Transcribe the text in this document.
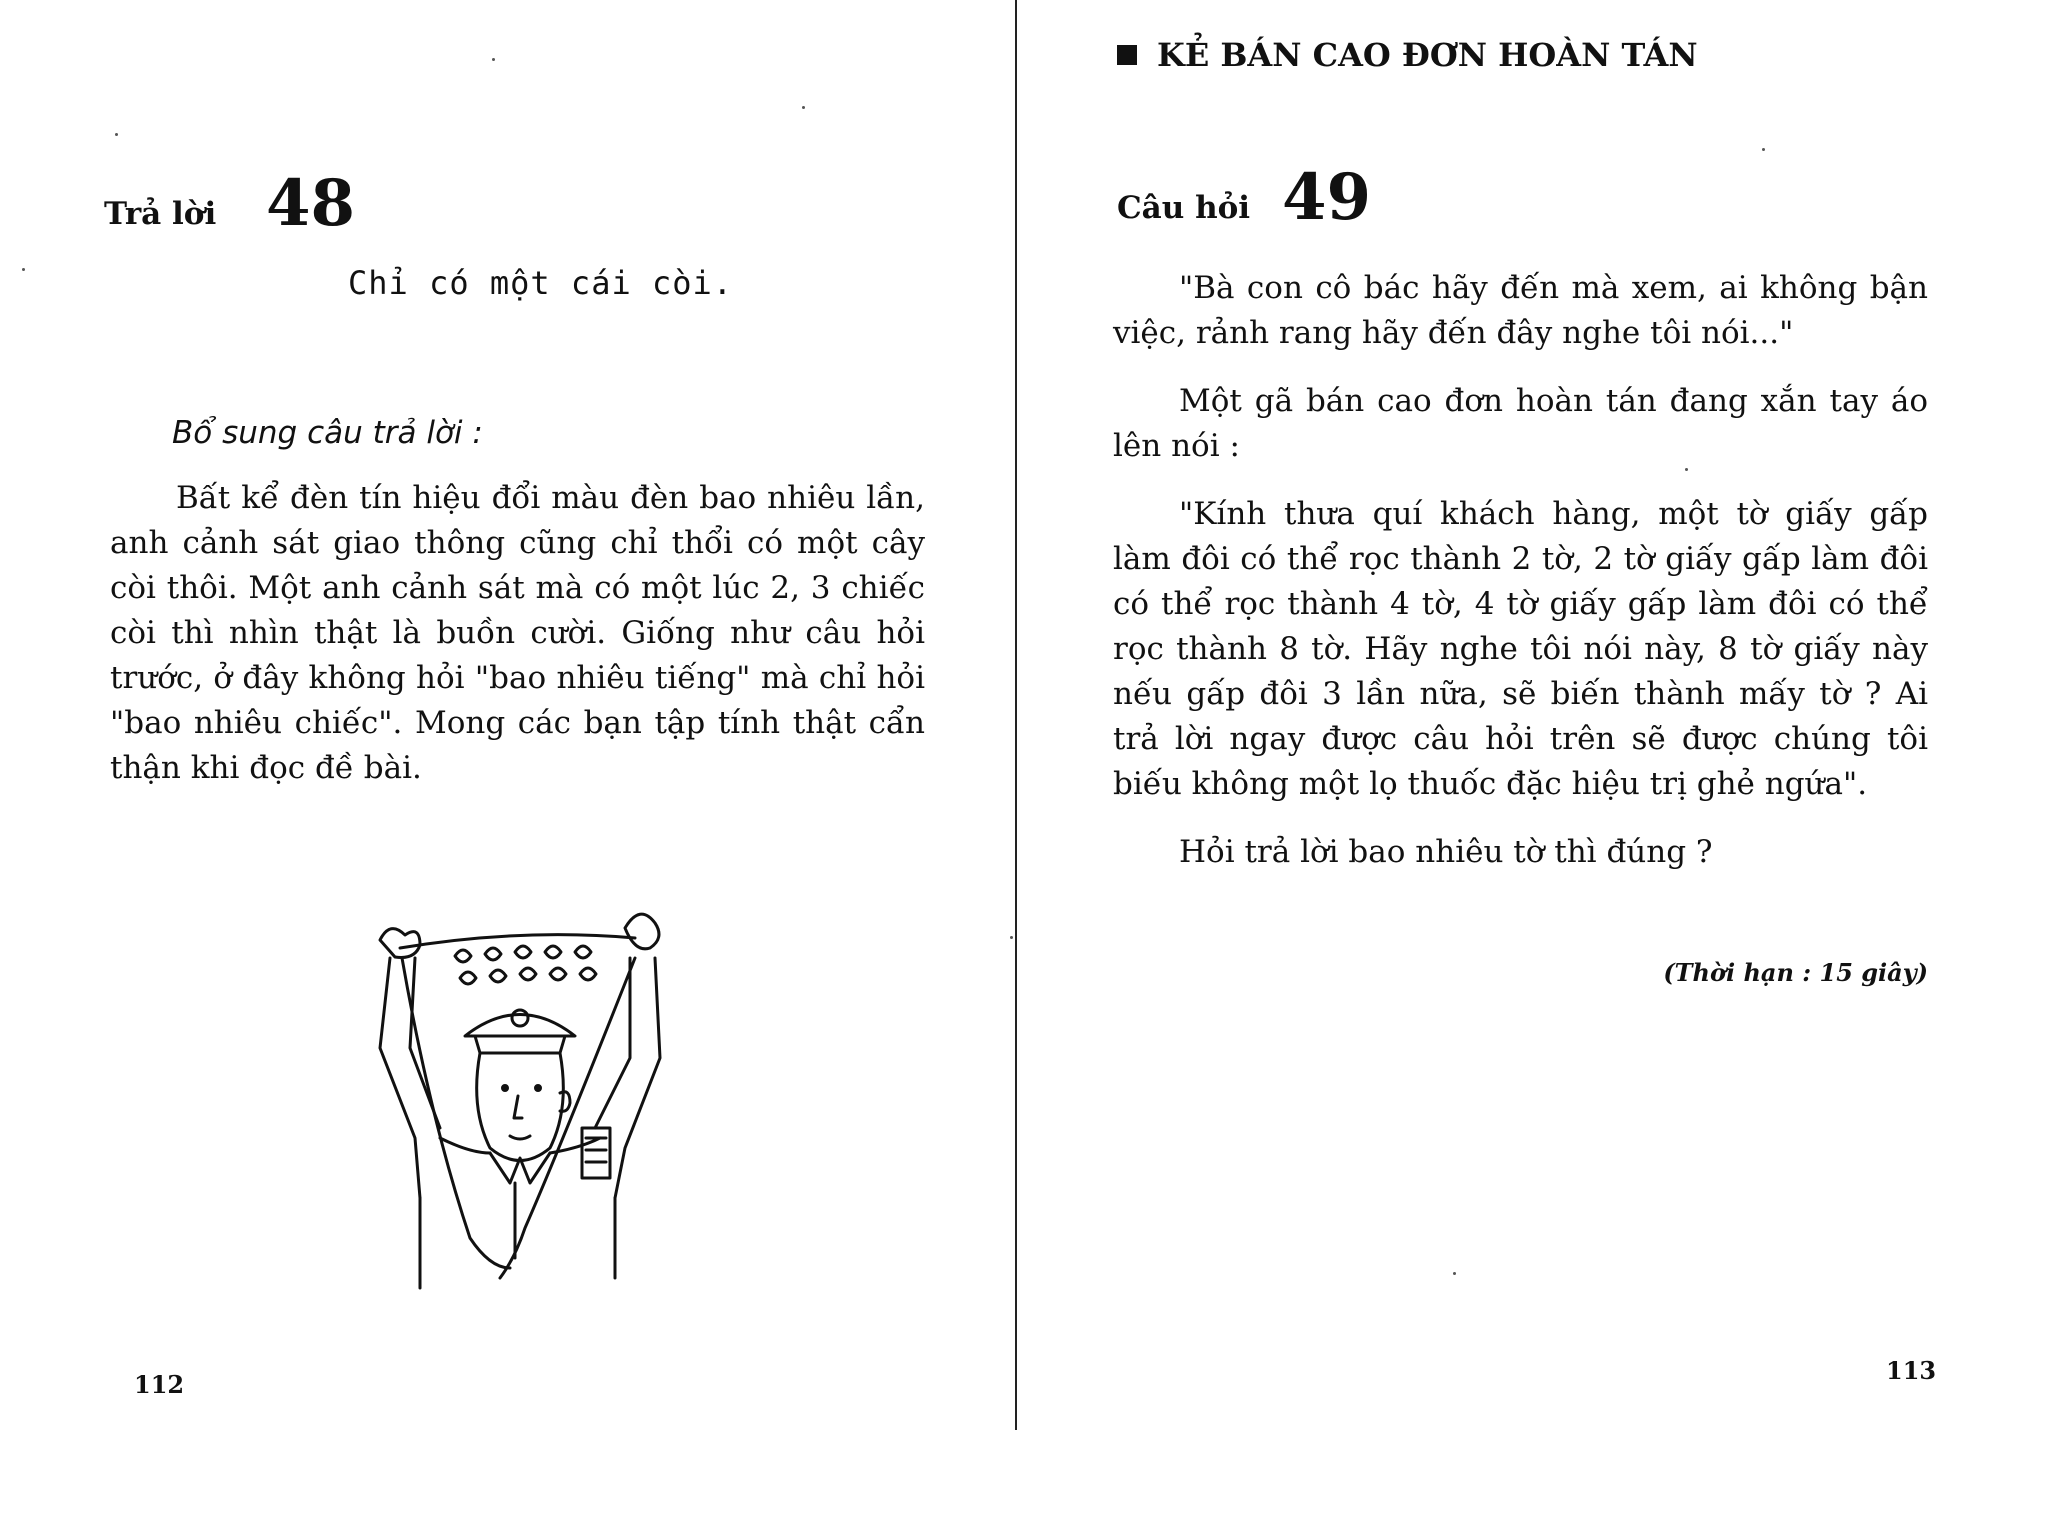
Trả lời 48
Chỉ có một cái còi.
Bổ sung câu trả lời :

Bất kể đèn tín hiệu đổi màu đèn bao nhiêu lần, anh cảnh sát giao thông cũng chỉ thổi có một cây còi thôi. Một anh cảnh sát mà có một lúc 2, 3 chiếc còi thì nhìn thật là buồn cười. Giống như câu hỏi trước, ở đây không hỏi "bao nhiêu tiếng" mà chỉ hỏi "bao nhiêu chiếc". Mong các bạn tập tính thật cẩn thận khi đọc đề bài.

112
KẺ BÁN CAO ĐƠN HOÀN TÁN
Câu hỏi 49

"Bà con cô bác hãy đến mà xem, ai không bận việc, rảnh rang hãy đến đây nghe tôi nói..."

Một gã bán cao đơn hoàn tán đang xắn tay áo lên nói :

"Kính thưa quí khách hàng, một tờ giấy gấp làm đôi có thể rọc thành 2 tờ, 2 tờ giấy gấp làm đôi có thể rọc thành 4 tờ, 4 tờ giấy gấp làm đôi có thể rọc thành 8 tờ. Hãy nghe tôi nói này, 8 tờ giấy này nếu gấp đôi 3 lần nữa, sẽ biến thành mấy tờ ? Ai trả lời ngay được câu hỏi trên sẽ được chúng tôi biếu không một lọ thuốc đặc hiệu trị ghẻ ngứa".

Hỏi trả lời bao nhiêu tờ thì đúng ?

(Thời hạn : 15 giây)
113
